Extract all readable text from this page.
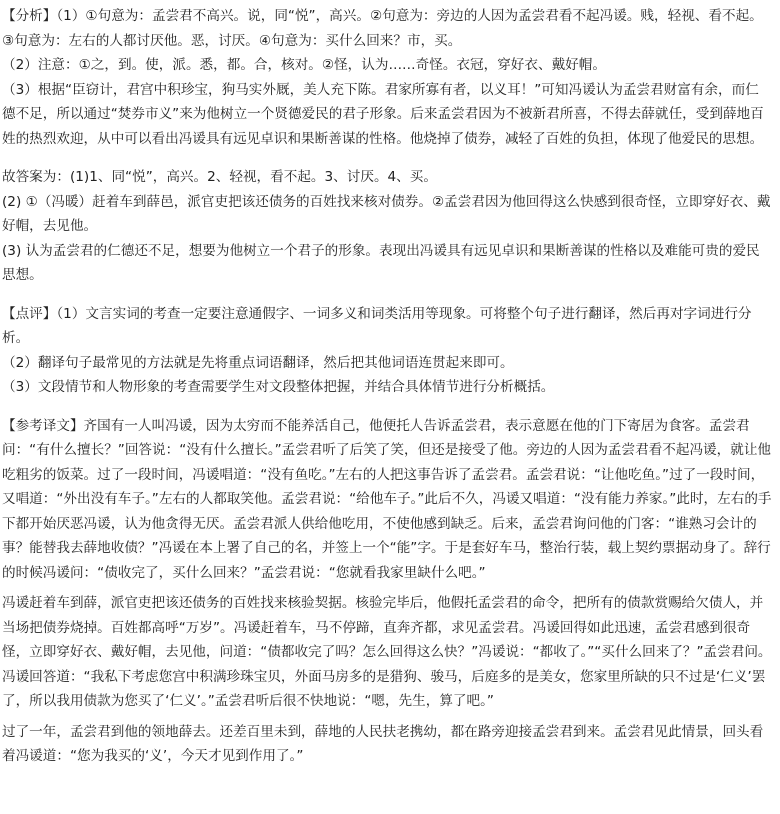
【分析】（1）①句意为：孟尝君不高兴。说，同“悦”，高兴。②句意为：旁边的人因为孟尝君看不起冯谖。贱，轻视、看不起。③句意为：左右的人都讨厌他。恶，讨厌。④句意为：买什么回来？市，买。

（2）注意：①之，到。使，派。悉，都。合，核对。②怪，认为……奇怪。衣冠，穿好衣、戴好帽。

（3）根据“臣窃计，君宫中积珍宝，狗马实外厩，美人充下陈。君家所寡有者，以义耳！”可知冯谖认为孟尝君财富有余，而仁德不足，所以通过“焚券市义”来为他树立一个贤德爱民的君子形象。后来孟尝君因为不被新君所喜，不得去薛就任，受到薛地百姓的热烈欢迎，从中可以看出冯谖具有远见卓识和果断善谋的性格。他烧掉了债券，减轻了百姓的负担，体现了他爱民的思想。

故答案为：(1)1、同“悦”，高兴。2、轻视，看不起。3、讨厌。4、买。

(2) ①（冯暖）赶着车到薛邑，派官吏把该还债务的百姓找来核对债券。②孟尝君因为他回得这么快感到很奇怪，立即穿好衣、戴好帽，去见他。

(3) 认为孟尝君的仁德还不足，想要为他树立一个君子的形象。表现出冯谖具有远见卓识和果断善谋的性格以及难能可贵的爱民思想。

【点评】（1）文言实词的考查一定要注意通假字、一词多义和词类活用等现象。可将整个句子进行翻译，然后再对字词进行分析。

（2）翻译句子最常见的方法就是先将重点词语翻译，然后把其他词语连贯起来即可。

（3）文段情节和人物形象的考查需要学生对文段整体把握，并结合具体情节进行分析概括。

【参考译文】齐国有一人叫冯谖，因为太穷而不能养活自己，他便托人告诉孟尝君，表示意愿在他的门下寄居为食客。孟尝君问：“有什么擅长？”回答说：“没有什么擅长。”孟尝君听了后笑了笑，但还是接受了他。旁边的人因为孟尝君看不起冯谖，就让他吃粗劣的饭菜。过了一段时间，冯谖唱道：“没有鱼吃。”左右的人把这事告诉了孟尝君。孟尝君说：“让他吃鱼。”过了一段时间，又唱道：“外出没有车子。”左右的人都取笑他。孟尝君说：“给他车子。”此后不久，冯谖又唱道：“没有能力养家。”此时，左右的手下都开始厌恶冯谖，认为他贪得无厌。孟尝君派人供给他吃用，不使他感到缺乏。后来，孟尝君询问他的门客：“谁熟习会计的事？能替我去薛地收债？”冯谖在本上署了自己的名，并签上一个“能”字。于是套好车马，整治行装，载上契约票据动身了。辞行的时候冯谖问：“债收完了，买什么回来？”孟尝君说：“您就看我家里缺什么吧。”

冯谖赶着车到薛，派官吏把该还债务的百姓找来核验契据。核验完毕后，他假托孟尝君的命令，把所有的债款赏赐给欠债人，并当场把债券烧掉。百姓都高呼“万岁”。冯谖赶着车，马不停蹄，直奔齐都，求见孟尝君。冯谖回得如此迅速，孟尝君感到很奇怪，立即穿好衣、戴好帽，去见他，问道：“债都收完了吗？怎么回得这么快？”冯谖说：“都收了。”“买什么回来了？”孟尝君问。冯谖回答道：“我私下考虑您宫中积满珍珠宝贝，外面马房多的是猎狗、骏马，后庭多的是美女，您家里所缺的只不过是‘仁义’罢了，所以我用债款为您买了‘仁义’。”孟尝君听后很不快地说：“嗯，先生，算了吧。”

过了一年，孟尝君到他的领地薛去。还差百里未到，薛地的人民扶老携幼，都在路旁迎接孟尝君到来。孟尝君见此情景，回头看着冯谖道：“您为我买的‘义’，今天才见到作用了。”
